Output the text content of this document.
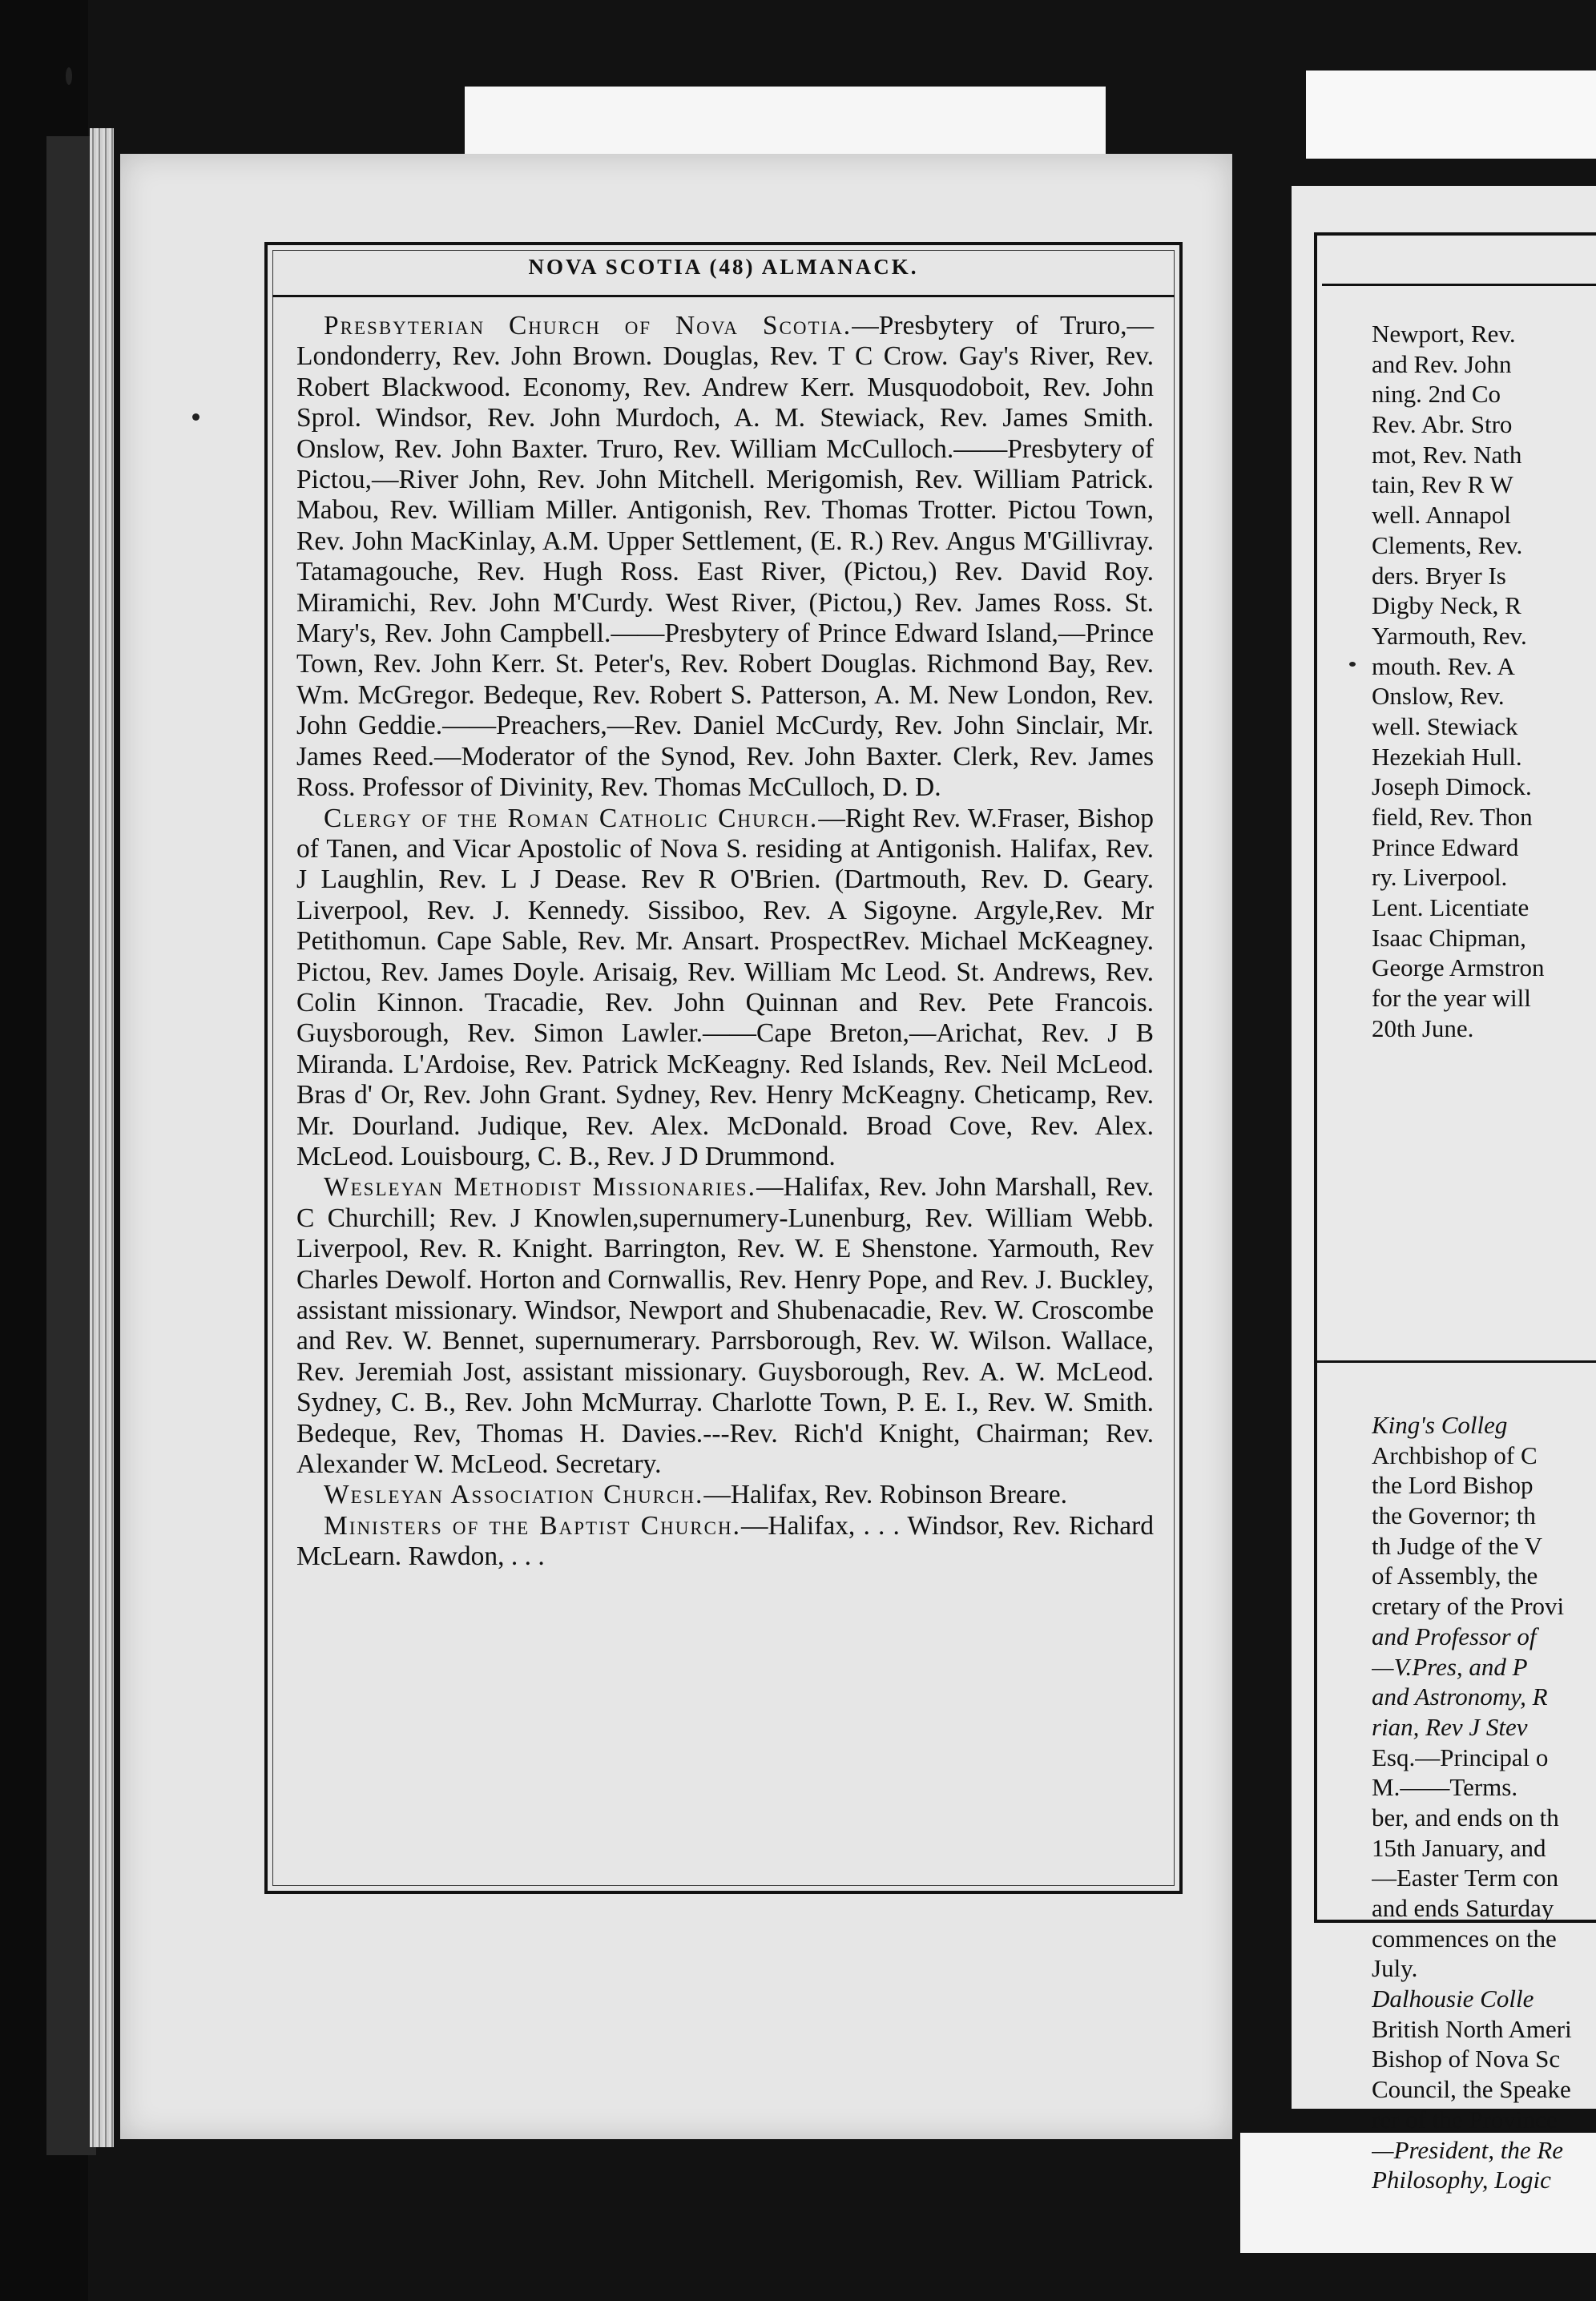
NOVA SCOTIA (48) ALMANACK.

Presbyterian Church of Nova Scotia.—Presbytery of Truro,—Londonderry, Rev. John Brown. Douglas, Rev. T C Crow. Gay's River, Rev. Robert Blackwood. Economy, Rev. Andrew Kerr. Musquodoboit, Rev. John Sprol. Windsor, Rev. John Murdoch, A. M. Stewiack, Rev. James Smith. Onslow, Rev. John Baxter. Truro, Rev. William McCulloch.——Presbytery of Pictou,—River John, Rev. John Mitchell. Merigomish, Rev. William Patrick. Mabou, Rev. William Miller. Antigonish, Rev. Thomas Trotter. Pictou Town, Rev. John MacKinlay, A.M. Upper Settlement, (E. R.) Rev. Angus M'Gillivray. Tatamagouche, Rev. Hugh Ross. East River, (Pictou,) Rev. David Roy. Miramichi, Rev. John M'Curdy. West River, (Pictou,) Rev. James Ross. St. Mary's, Rev. John Campbell.——Presbytery of Prince Edward Island,—Prince Town, Rev. John Kerr. St. Peter's, Rev. Robert Douglas. Richmond Bay, Rev. Wm. McGregor. Bedeque, Rev. Robert S. Patterson, A. M. New London, Rev. John Geddie.——Preachers,—Rev. Daniel McCurdy, Rev. John Sinclair, Mr. James Reed.—Moderator of the Synod, Rev. John Baxter. Clerk, Rev. James Ross. Professor of Divinity, Rev. Thomas McCulloch, D. D.

Clergy of the Roman Catholic Church.—Right Rev. W.Fraser, Bishop of Tanen, and Vicar Apostolic of Nova S. residing at Antigonish. Halifax, Rev. J Laughlin, Rev. L J Dease. Rev R O'Brien. (Dartmouth, Rev. D. Geary. Liverpool, Rev. J. Kennedy. Sissiboo, Rev. A Sigoyne. Argyle,Rev. Mr Petithomun. Cape Sable, Rev. Mr. Ansart. ProspectRev. Michael McKeagney. Pictou, Rev. James Doyle. Arisaig, Rev. William Mc Leod. St. Andrews, Rev. Colin Kinnon. Tracadie, Rev. John Quinnan and Rev. Pete Francois. Guysborough, Rev. Simon Lawler.——Cape Breton,—Arichat, Rev. J B Miranda. L'Ardoise, Rev. Patrick McKeagny. Red Islands, Rev. Neil McLeod. Bras d' Or, Rev. John Grant. Sydney, Rev. Henry McKeagny. Cheticamp, Rev. Mr. Dourland. Judique, Rev. Alex. McDonald. Broad Cove, Rev. Alex. McLeod. Louisbourg, C. B., Rev. J D Drummond.

Wesleyan Methodist Missionaries.—Halifax, Rev. John Marshall, Rev. C Churchill; Rev. J Knowlen,supernumery-Lunenburg, Rev. William Webb. Liverpool, Rev. R. Knight. Barrington, Rev. W. E Shenstone. Yarmouth, Rev Charles Dewolf. Horton and Cornwallis, Rev. Henry Pope, and Rev. J. Buckley, assistant missionary. Windsor, Newport and Shubenacadie, Rev. W. Croscombe and Rev. W. Bennet, supernumerary. Parrsborough, Rev. W. Wilson. Wallace, Rev. Jeremiah Jost, assistant missionary. Guysborough, Rev. A. W. McLeod. Sydney, C. B., Rev. John McMurray. Charlotte Town, P. E. I., Rev. W. Smith. Bedeque, Rev, Thomas H. Davies.---Rev. Rich'd Knight, Chairman; Rev. Alexander W. McLeod. Secretary.

Wesleyan Association Church.—Halifax, Rev. Robinson Breare.

Ministers of the Baptist Church.—Halifax, . . . Windsor, Rev. Richard McLearn. Rawdon, . . .

Newport, Rev.
and Rev. John
ning. 2nd Co
Rev. Abr. Stro
mot, Rev. Nath
tain, Rev R W
well. Annapol
Clements, Rev.
ders. Bryer Is
Digby Neck, R
Yarmouth, Rev.
mouth. Rev. A
Onslow, Rev.
well. Stewiack
Hezekiah Hull.
Joseph Dimock.
field, Rev. Thon
Prince Edward
ry. Liverpool.
Lent. Licentiate
Isaac Chipman,
George Armstron
for the year will
20th June.
King's Colleg
Archbishop of C
the Lord Bishop
the Governor; th
th Judge of the V
of Assembly, the
cretary of the Provi
and Professor of
—V.Pres, and P
and Astronomy, R
rian, Rev J Stev
Esq.—Principal o
M.——Terms.
ber, and ends on th
15th January, and
—Easter Term con
and ends Saturday
commences on the
July.
Dalhousie Colle
British North Ameri
Bishop of Nova Sc
Council, the Speake
rer of the Province
—President, the Re
Philosophy, Logic
